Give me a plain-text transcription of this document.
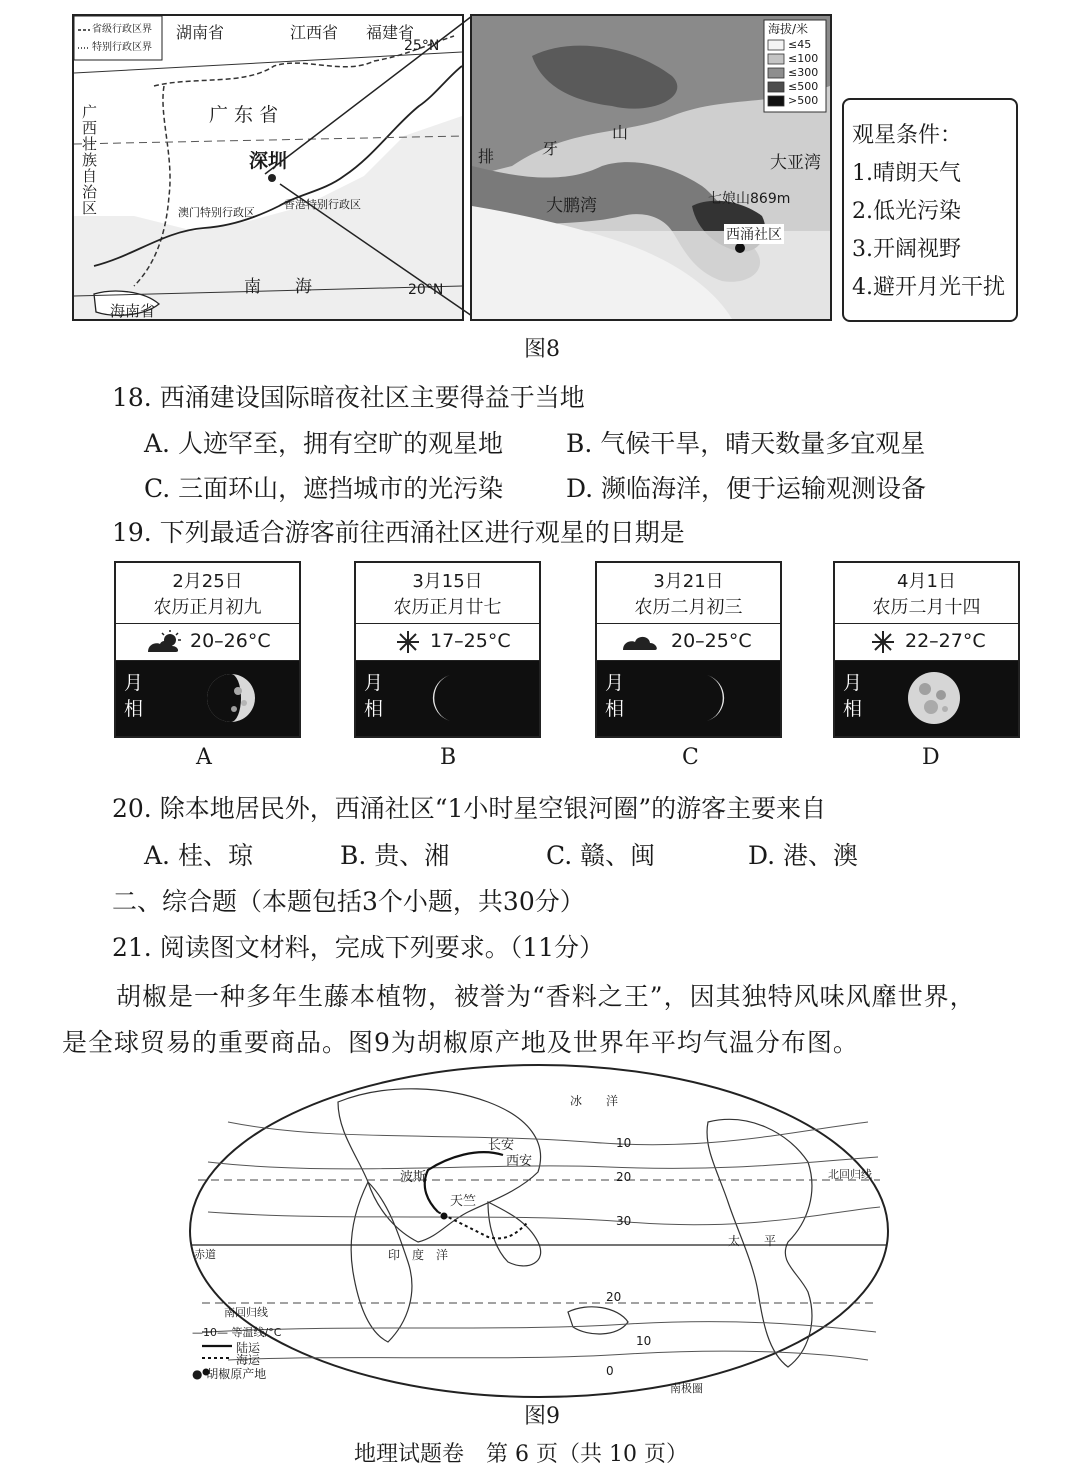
省级行政区界
特别行政区界
湖南省	江西省 福建省
25°N
广 东 省
广西壮族自治区
深圳
澳门特别行政区
香港特别行政区
南　　海	20°N
海南省
海拔/米
≤45
≤100
≤300
≤500
>500
排	牙
山
大亚湾
大鹏湾	七娘山869m
西涌社区
观星条件：
1.晴朗天气
2.低光污染
3.开阔视野
4.避开月光干扰
图8
18. 西涌建设国际暗夜社区主要得益于当地
A. 人迹罕至，拥有空旷的观星地	B. 气候干旱，晴天数量多宜观星
C. 三面环山，遮挡城市的光污染	D. 濒临海洋，便于运输观测设备
19. 下列最适合游客前往西涌社区进行观星的日期是
2月25日
农历正月初九
20–26°C
月
相
3月15日
农历正月廿七
17–25°C
月
相
3月21日
农历二月初三
20–25°C
月
相
4月1日
农历二月十四
22–27°C
月
相
A	B	C	D
20. 除本地居民外，西涌社区“1小时星空银河圈”的游客主要来自
A. 桂、琼	B. 贵、湘	C. 赣、闽	D. 港、澳
二、综合题（本题包括3个小题，共30分）
21. 阅读图文材料，完成下列要求。（11分）
胡椒是一种多年生藤本植物，被誉为“香料之王”，因其独特风味风靡世界，
是全球贸易的重要商品。图9为胡椒原产地及世界年平均气温分布图。
—10— 等温线/°C
陆运
海运
● 胡椒原产地
长安
西安
波斯
天竺
10
20
30
20
10
0
冰　　洋
太　　平
印　度　洋
赤道
北回归线
南回归线
南极圈
图9
地理试题卷　第 6 页（共 10 页）
